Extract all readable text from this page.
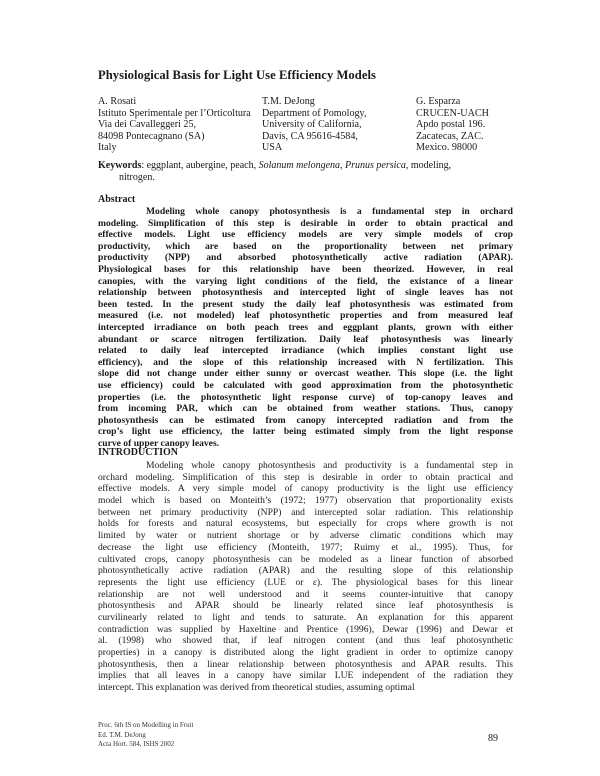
Physiological Basis for Light Use Efficiency Models
A. Rosati
Istituto Sperimentale per l’Orticoltura
Via dei Cavalleggeri 25,
84098 Pontecagnano (SA)
Italy
T.M. DeJong
Department of Pomology,
University of California,
Davis, CA 95616-4584,
USA
G. Esparza
CRUCEN-UACH
Apdo postal 196.
Zacatecas, ZAC.
Mexico. 98000
Keywords: eggplant, aubergine, peach, Solanum melongena, Prunus persica, modeling,
nitrogen.
Abstract
Modeling whole canopy photosynthesis is a fundamental step in orchard
modeling. Simplification of this step is desirable in order to obtain practical and
effective models. Light use efficiency models are very simple models of crop
productivity, which are based on the proportionality between net primary
productivity (NPP) and absorbed photosynthetically active radiation (APAR).
Physiological bases for this relationship have been theorized. However, in real
canopies, with the varying light conditions of the field, the existance of a linear
relationship between photosynthesis and intercepted light of single leaves has not
been tested. In the present study the daily leaf photosynthesis was estimated from
measured (i.e. not modeled) leaf photosynthetic properties and from measured leaf
intercepted irradiance on both peach trees and eggplant plants, grown with either
abundant or scarce nitrogen fertilization. Daily leaf photosynthesis was linearly
related to daily leaf intercepted irradiance (which implies constant light use
efficiency), and the slope of this relationship increased with N fertilization. This
slope did not change under either sunny or overcast weather. This slope (i.e. the light
use efficiency) could be calculated with good approximation from the photosynthetic
properties (i.e. the photosynthetic light response curve) of top-canopy leaves and
from incoming PAR, which can be obtained from weather stations. Thus, canopy
photosynthesis can be estimated from canopy intercepted radiation and from the
crop’s light use efficiency, the latter being estimated simply from the light response
curve of upper canopy leaves.
INTRODUCTION
Modeling whole canopy photosynthesis and productivity is a fundamental step in
orchard modeling. Simplification of this step is desirable in order to obtain practical and
effective models. A very simple model of canopy productivity is the light use efficiency
model which is based on Monteith’s (1972; 1977) observation that proportionality exists
between net primary productivity (NPP) and intercepted solar radiation. This relationship
holds for forests and natural ecosystems, but especially for crops where growth is not
limited by water or nutrient shortage or by adverse climatic conditions which may
decrease the light use efficiency (Monteith, 1977; Ruimy et al., 1995). Thus, for
cultivated crops, canopy photosynthesis can be modeled as a linear function of absorbed
photosynthetically active radiation (APAR) and the resulting slope of this relationship
represents the light use efficiency (LUE or ε). The physiological bases for this linear
relationship are not well understood and it seems counter-intuitive that canopy
photosynthesis and APAR should be linearly related since leaf photosynthesis is
curvilinearly related to light and tends to saturate. An explanation for this apparent
contradiction was supplied by Haxeltine and Prentice (1996), Dewar (1996) and Dewar et
al. (1998) who showed that, if leaf nitrogen content (and thus leaf photosynthetic
properties) in a canopy is distributed along the light gradient in order to optimize canopy
photosynthesis, then a linear relationship between photosynthesis and APAR results. This
implies that all leaves in a canopy have similar LUE independent of the radiation they
intercept. This explanation was derived from theoretical studies, assuming optimal
Proc. 6th IS on Modelling in Fruit
Ed. T.M. DeJong
Acta Hort. 584, ISHS 2002	89
